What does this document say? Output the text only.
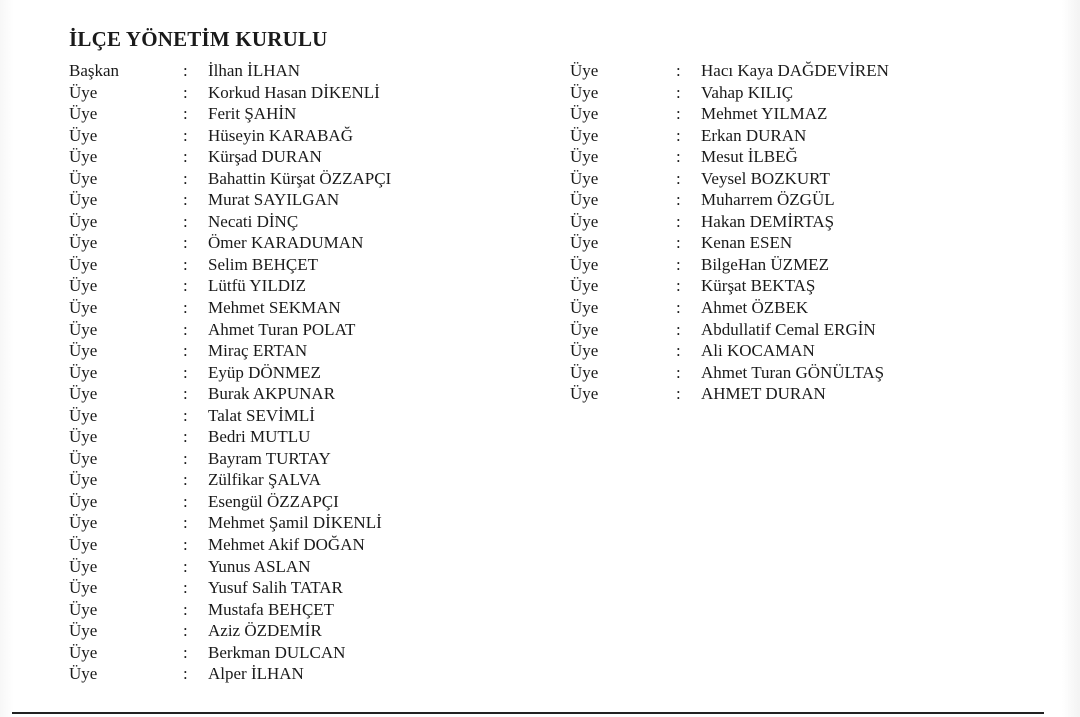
İLÇE YÖNETİM KURULU
Başkan	: İlhan İLHAN
Üye	: Korkud Hasan DİKENLİ
Üye	: Ferit ŞAHİN
Üye	: Hüseyin KARABAĞ
Üye	: Kürşad DURAN
Üye	: Bahattin Kürşat ÖZZAPÇI
Üye	: Murat SAYILGAN
Üye	: Necati DİNÇ
Üye	: Ömer KARADUMAN
Üye	: Selim BEHÇET
Üye	: Lütfü YILDIZ
Üye	: Mehmet SEKMAN
Üye	: Ahmet Turan POLAT
Üye	: Miraç ERTAN
Üye	: Eyüp DÖNMEZ
Üye	: Burak AKPUNAR
Üye	: Talat SEVİMLİ
Üye	: Bedri MUTLU
Üye	: Bayram TURTAY
Üye	: Zülfikar ŞALVA
Üye	: Esengül ÖZZAPÇI
Üye	: Mehmet Şamil DİKENLİ
Üye	: Mehmet Akif DOĞAN
Üye	: Yunus ASLAN
Üye	: Yusuf Salih TATAR
Üye	: Mustafa BEHÇET
Üye	: Aziz ÖZDEMİR
Üye	: Berkman DULCAN
Üye	: Alper İLHAN
Üye	: Hacı Kaya DAĞDEVİREN
Üye	: Vahap KILIÇ
Üye	: Mehmet YILMAZ
Üye	: Erkan DURAN
Üye	: Mesut İLBEĞ
Üye	: Veysel BOZKURT
Üye	: Muharrem ÖZGÜL
Üye	: Hakan DEMİRTAŞ
Üye	: Kenan ESEN
Üye	: BilgeHan ÜZMEZ
Üye	: Kürşat BEKTAŞ
Üye	: Ahmet ÖZBEK
Üye	: Abdullatif Cemal ERGİN
Üye	: Ali KOCAMAN
Üye	: Ahmet Turan GÖNÜLTAŞ
Üye	: AHMET DURAN
